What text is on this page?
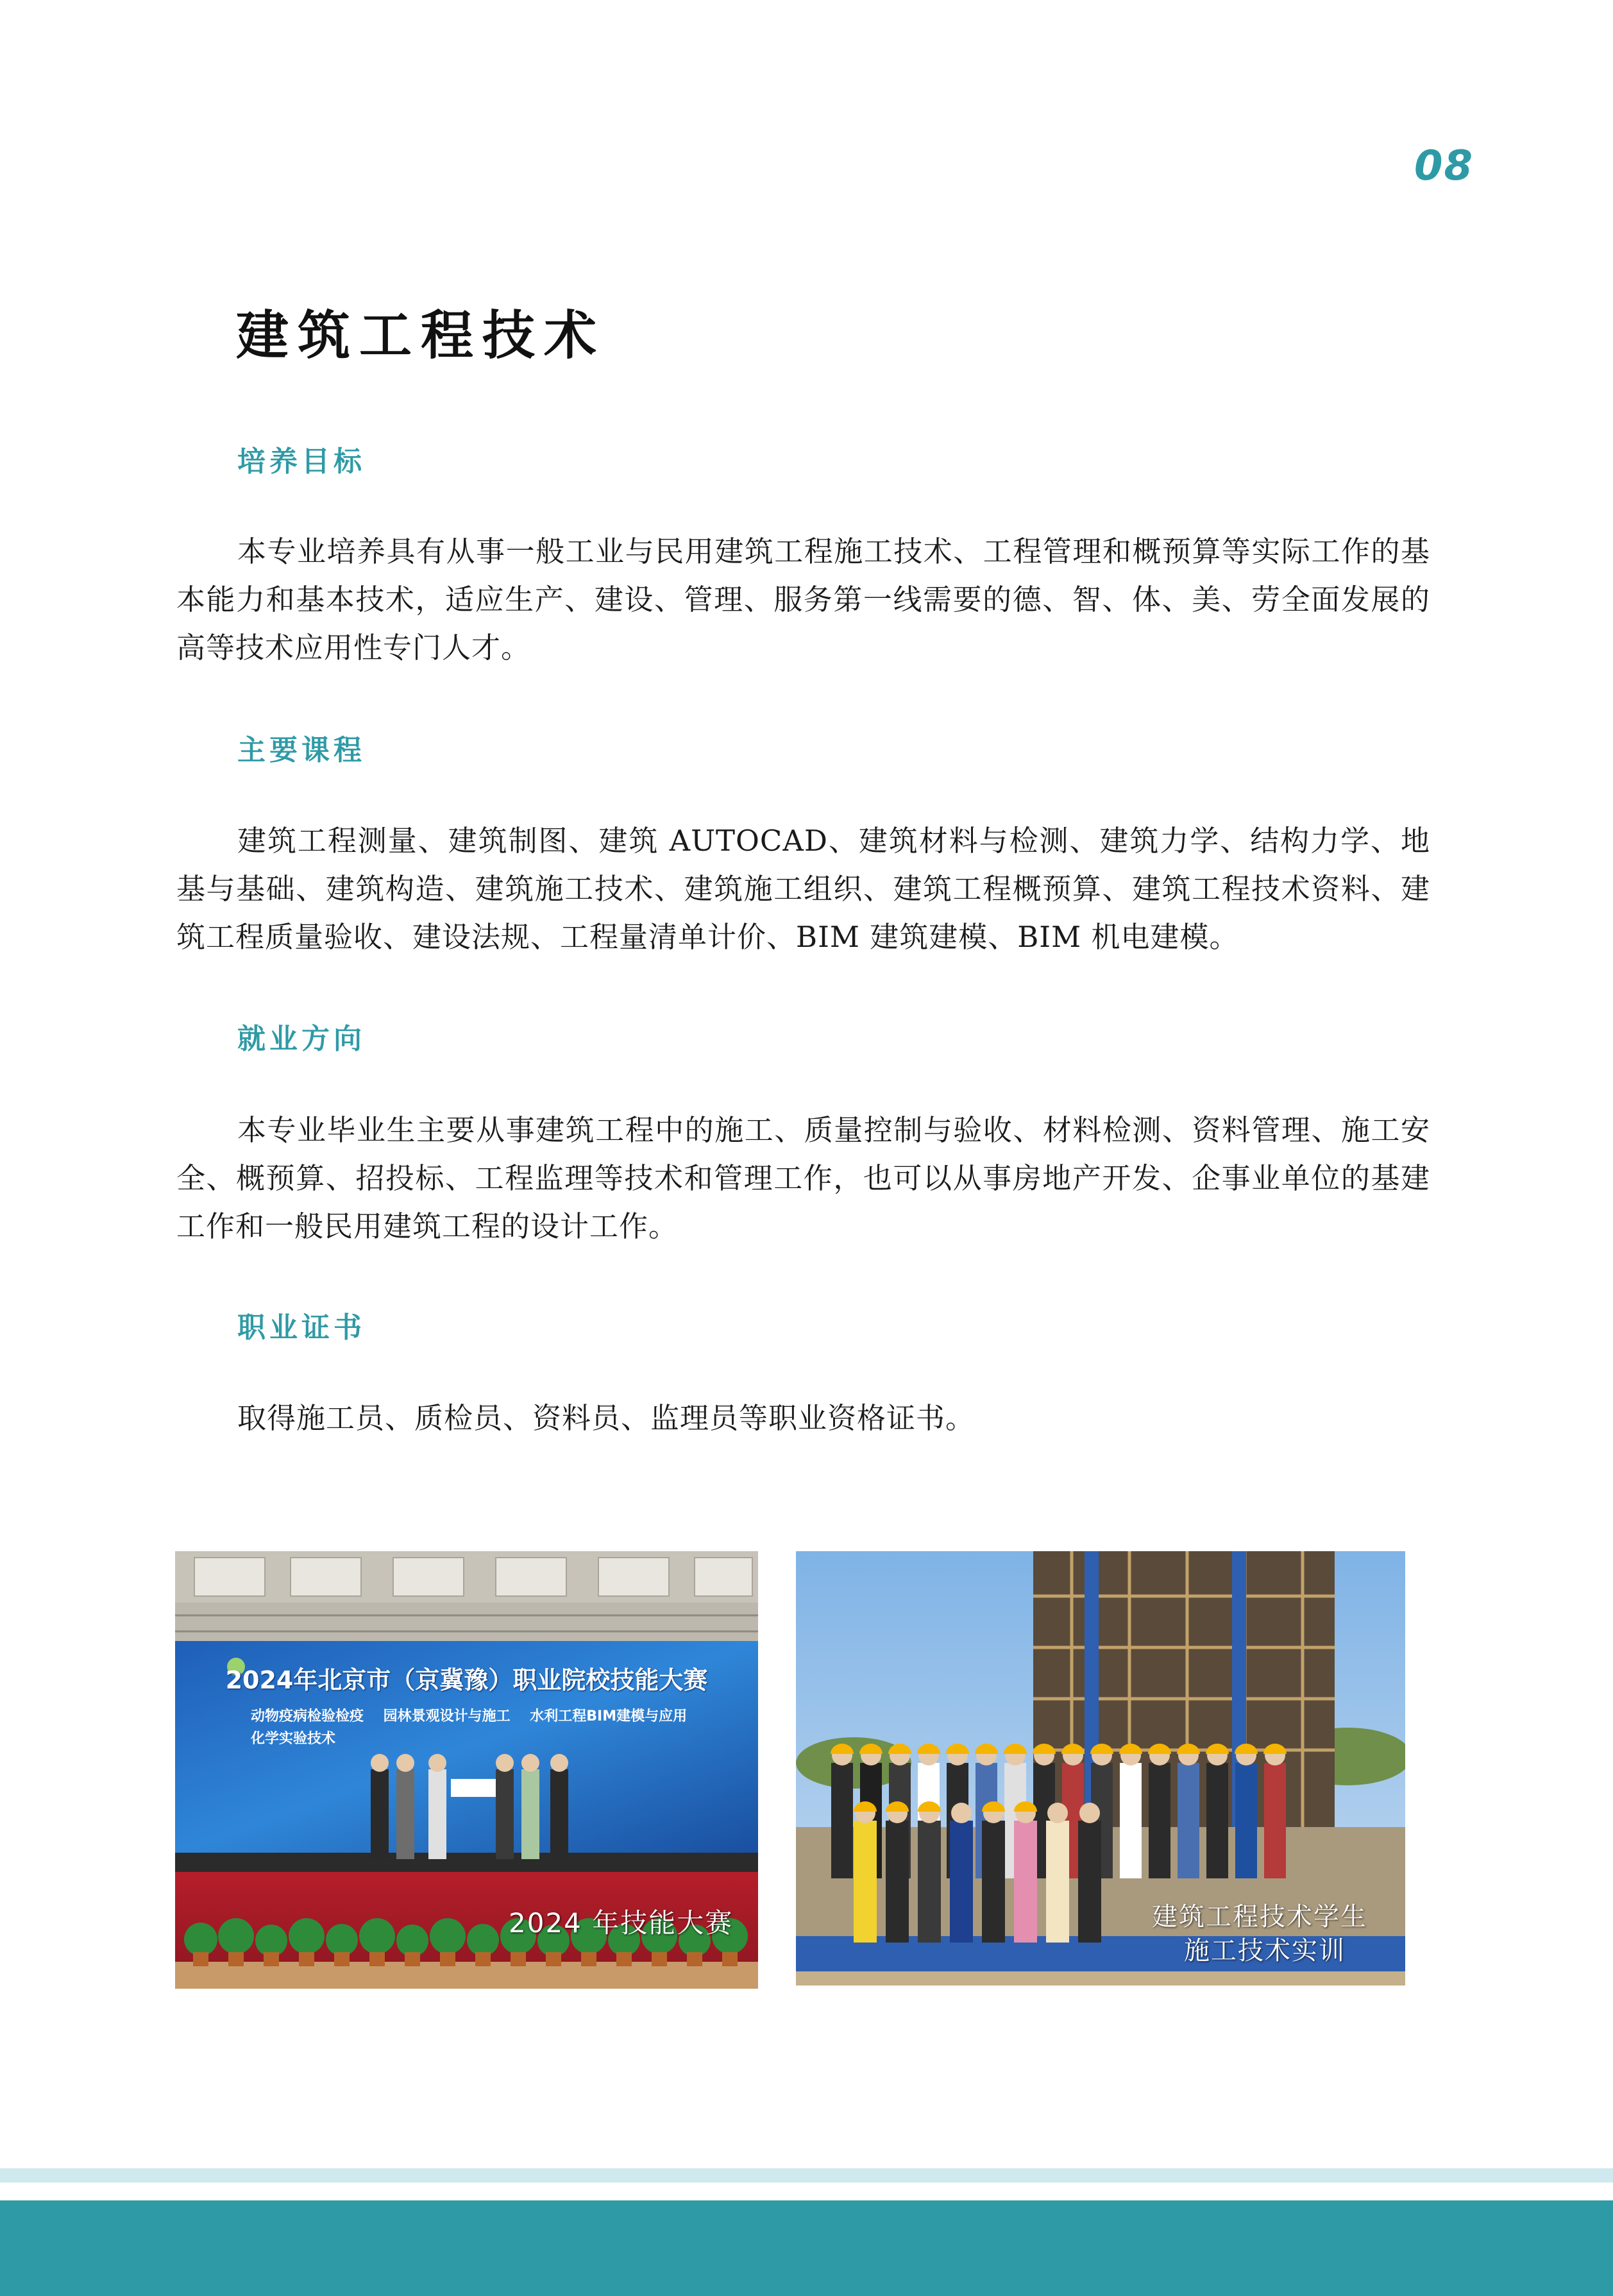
08
建筑工程技术
培养目标
本专业培养具有从事一般工业与民用建筑工程施工技术、工程管理和概预算等实际工作的基本能力和基本技术，适应生产、建设、管理、服务第一线需要的德、智、体、美、劳全面发展的高等技术应用性专门人才。
主要课程
建筑工程测量、建筑制图、建筑 AUTOCAD、建筑材料与检测、建筑力学、结构力学、地基与基础、建筑构造、建筑施工技术、建筑施工组织、建筑工程概预算、建筑工程技术资料、建筑工程质量验收、建设法规、工程量清单计价、BIM 建筑建模、BIM 机电建模。
就业方向
本专业毕业生主要从事建筑工程中的施工、质量控制与验收、材料检测、资料管理、施工安全、概预算、招投标、工程监理等技术和管理工作，也可以从事房地产开发、企事业单位的基建工作和一般民用建筑工程的设计工作。
职业证书
取得施工员、质检员、资料员、监理员等职业资格证书。
2024年北京市（京冀豫）职业院校技能大赛
动物疫病检验检疫    园林景观设计与施工    水利工程BIM建模与应用
化学实验技术
2024 年技能大赛	建筑工程技术学生
施工技术实训
